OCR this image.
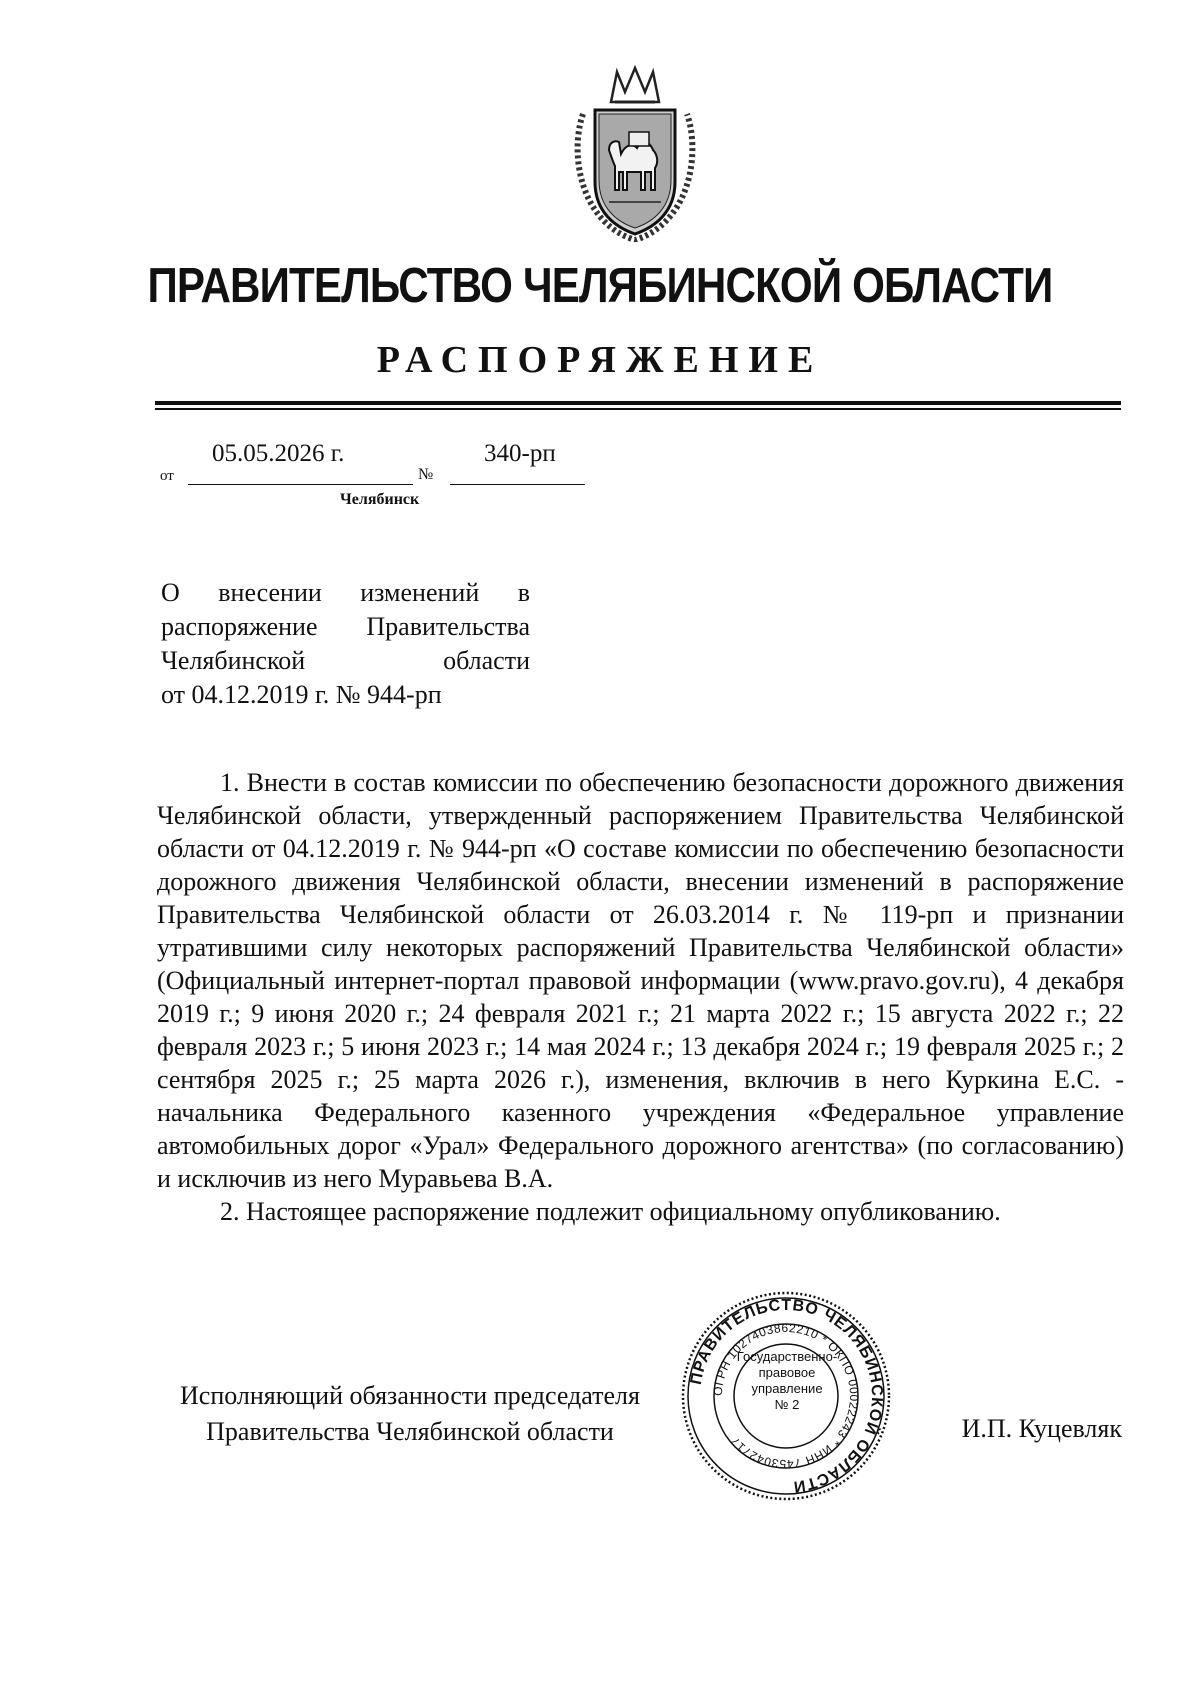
ПРАВИТЕЛЬСТВО ЧЕЛЯБИНСКОЙ ОБЛАСТИ
РАСПОРЯЖЕНИЕ
от
05.05.2026 г.
№
340-рп
Челябинск
О внесении изменений в
распоряжение Правительства
Челябинской области
от 04.12.2019 г. № 944-рп

1. Внести в состав комиссии по обеспечению безопасности дорожного движения Челябинской области, утвержденный распоряжением Правительства Челябинской области от 04.12.2019 г. № 944-рп «О составе комиссии по обеспечению безопасности дорожного движения Челябинской области, внесении изменений в распоряжение Правительства Челябинской области от 26.03.2014 г. № 119-рп и признании утратившими силу некоторых распоряжений Правительства Челябинской области» (Официальный интернет-портал правовой информации (www.pravo.gov.ru), 4 декабря 2019 г.; 9 июня 2020 г.; 24 февраля 2021 г.; 21 марта 2022 г.; 15 августа 2022 г.; 22 февраля 2023 г.; 5 июня 2023 г.; 14 мая 2024 г.; 13 декабря 2024 г.; 19 февраля 2025 г.; 2 сентября 2025 г.; 25 марта 2026 г.), изменения, включив в него Куркина Е.С. - начальника Федерального казенного учреждения «Федеральное управление автомобильных дорог «Урал» Федерального дорожного агентства» (по согласованию) и исключив из него Муравьева В.А.

2. Настоящее распоряжение подлежит официальному опубликованию.

Исполняющий обязанности председателя
Правительства Челябинской области	И.П. Куцевляк
ПРАВИТЕЛЬСТВО ЧЕЛЯБИНСКОЙ ОБЛАСТИ
ОГРН 1027403862210 * ОКПО 00022243 * ИНН 7453042717
Государственно-
правовое
управление
№ 2
